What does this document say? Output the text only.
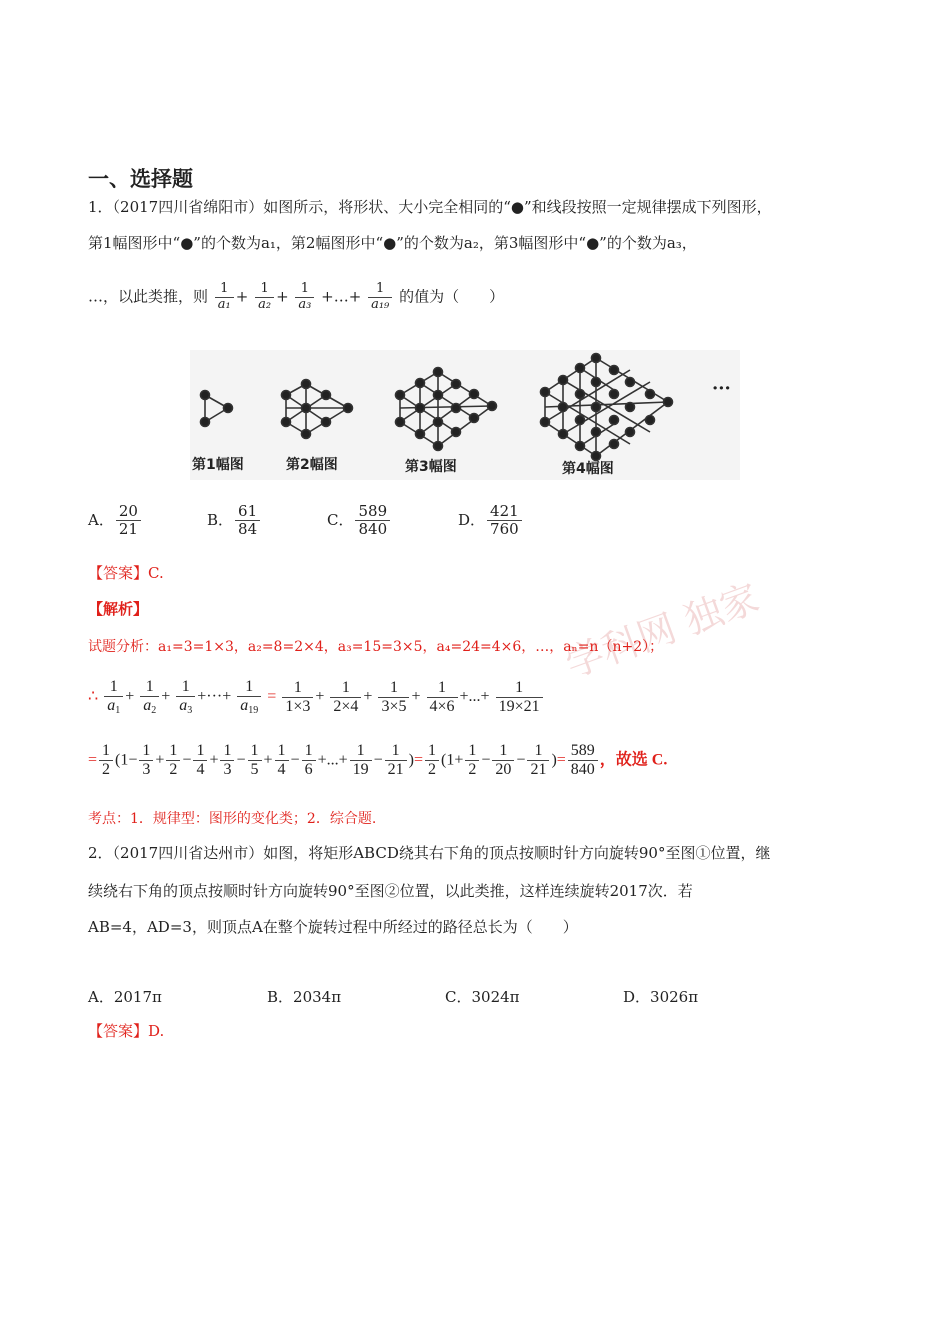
一、选择题
1．（2017四川省绵阳市）如图所示，将形状、大小完全相同的“●”和线段按照一定规律摆成下列图形，
第1幅图形中“●”的个数为a₁，第2幅图形中“●”的个数为a₂，第3幅图形中“●”的个数为a₃，
…，以此类推，则 $\frac{1}{\text{a₁}} + \frac{1}{\text{a₂}} + \frac{1}{\text{a₃}}$ +…+ $\frac{1}{\text{a₁₉}}$ 的值为（　　）
第1幅图	第2幅图	第3幅图	第4幅图
···
A． $\frac{20}{21}$	B． $\frac{61}{84}$	C． $\frac{589}{840}$	D． $\frac{421}{760}$
【答案】C.
学科网 独家
【解析】
试题分析：a₁=3=1×3，a₂=8=2×4，a₃=15=3×5，a₄=24=4×6，…，aₙ=n（n+2）；
∴ $\frac{1}{a_1} + \frac{1}{a_2} + \frac{1}{a_3}$ +···+ $\frac{1}{a_{19}} = \frac{1}{1\times 3} + \frac{1}{2\times 4} + \frac{1}{3\times 5} + \frac{1}{4\times 6}$ +...+ $\frac{1}{19\times 21}$
= $\frac{1}{2} (1- \frac{1}{3} + \frac{1}{2} - \frac{1}{4} + \frac{1}{3} - \frac{1}{5} + \frac{1}{4} - \frac{1}{6}$ +...+ $\frac{1}{19} - \frac{1}{21}$ )= $\frac{1}{2} (1+ \frac{1}{2} - \frac{1}{20} - \frac{1}{21}$ )= $\frac{589}{840}$ ，故选 C.
考点：1．规律型：图形的变化类；2．综合题.
2．（2017四川省达州市）如图，将矩形ABCD绕其右下角的顶点按顺时针方向旋转90°至图①位置，继
续绕右下角的顶点按顺时针方向旋转90°至图②位置，以此类推，这样连续旋转2017次．若
AB=4，AD=3，则顶点A在整个旋转过程中所经过的路径总长为（　　）
A．2017π	B．2034π	C．3024π	D．3026π
【答案】D.
